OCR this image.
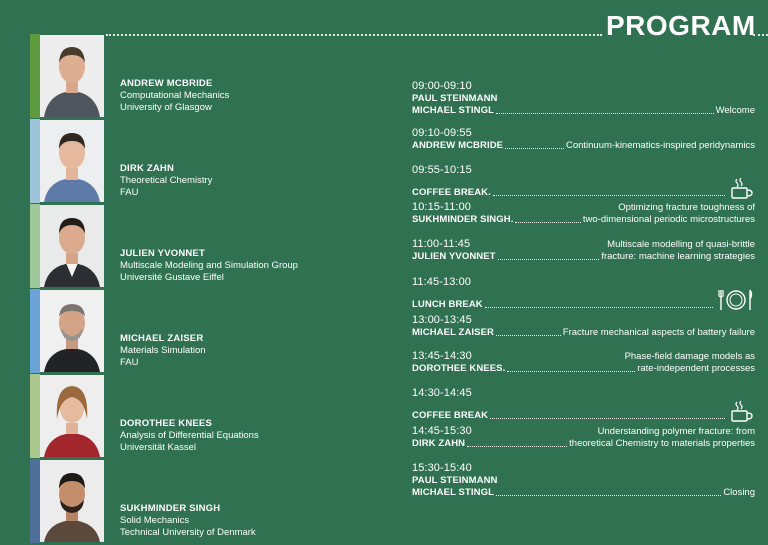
PROGRAM
ANDREW MCBRIDE
Computational Mechanics
University of Glasgow
DIRK ZAHN
Theoretical Chemistry
FAU
JULIEN YVONNET
Multiscale Modeling and Simulation Group
Université Gustave Eiffel
MICHAEL ZAISER
Materials Simulation
FAU
DOROTHEE KNEES
Analysis of Differential Equations
Universität Kassel
SUKHMINDER SINGH
Solid Mechanics
Technical University of Denmark
09:00-09:10
PAUL STEINMANN
MICHAEL STINGL	Welcome
09:10-09:55
ANDREW MCBRIDE	Continuum-kinematics-inspired peridynamics
09:55-10:15
COFFEE BREAK.
10:15-11:00	Optimizing fracture toughness of
SUKHMINDER SINGH.	two-dimensional periodic microstructures
11:00-11:45	Multiscale modelling of quasi-brittle
JULIEN YVONNET	fracture: machine learning strategies
11:45-13:00
LUNCH BREAK
13:00-13:45
MICHAEL ZAISER	Fracture mechanical aspects of battery failure
13:45-14:30	Phase-field damage models as
DOROTHEE KNEES.	rate-independent processes
14:30-14:45
COFFEE BREAK
14:45-15:30	Understanding polymer fracture: from
DIRK ZAHN	theoretical Chemistry to materials properties
15:30-15:40
PAUL STEINMANN
MICHAEL STINGL	Closing
